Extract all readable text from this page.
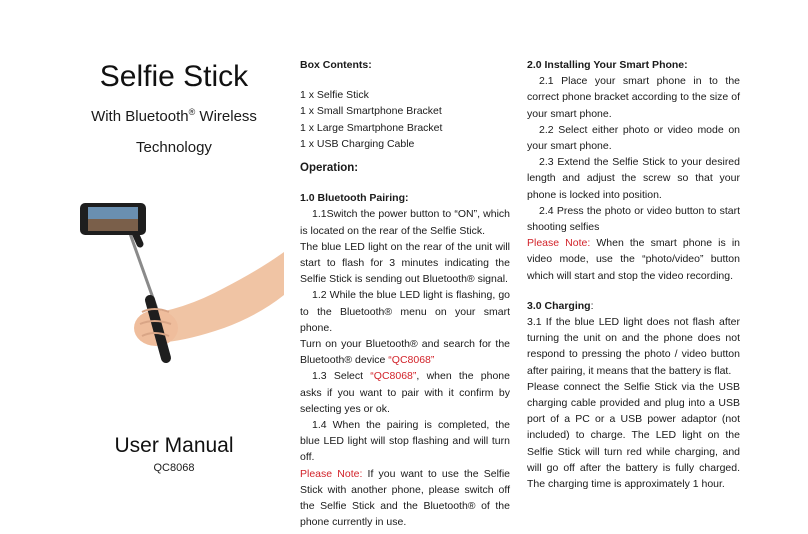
Selfie Stick
With Bluetooth® Wireless
Technology
User Manual
QC8068

Box Contents:

1 x Selfie Stick

1 x Small Smartphone Bracket

1 x Large Smartphone Bracket

1 x USB Charging Cable

Operation:

1.0 Bluetooth Pairing:

1.1Switch the power button to “ON”, which is located on the rear of the Selfie Stick.

The blue LED light on the rear of the unit will start to flash for 3 minutes indicating the Selfie Stick is sending out Bluetooth® signal.

1.2 While the blue LED light is flashing, go to the Bluetooth® menu on your smart phone.

Turn on your Bluetooth® and search for the Bluetooth® device “QC8068”

1.3 Select “QC8068”, when the phone asks if you want to pair with it confirm by selecting yes or ok.

1.4 When the pairing is completed, the blue LED light will stop flashing and will turn off.

Please Note: If you want to use the Selfie Stick with another phone, please switch off the Selfie Stick and the Bluetooth® of the phone currently in use.

2.0 Installing Your Smart Phone:

2.1 Place your smart phone in to the correct phone bracket according to the size of your smart phone.

2.2 Select either photo or video mode on your smart phone.

2.3 Extend the Selfie Stick to your desired length and adjust the screw so that your phone is locked into position.

2.4 Press the photo or video button to start shooting selfies

Please Note: When the smart phone is in video mode, use the “photo/video” button which will start and stop the video recording.

3.0 Charging:

3.1 If the blue LED light does not flash after turning the unit on and the phone does not respond to pressing the photo / video button after pairing, it means that the battery is flat.

Please connect the Selfie Stick via the USB charging cable provided and plug into a USB port of a PC or a USB power adaptor (not included) to charge. The LED light on the Selfie Stick will turn red while charging, and will go off after the battery is fully charged. The charging time is approximately 1 hour.
